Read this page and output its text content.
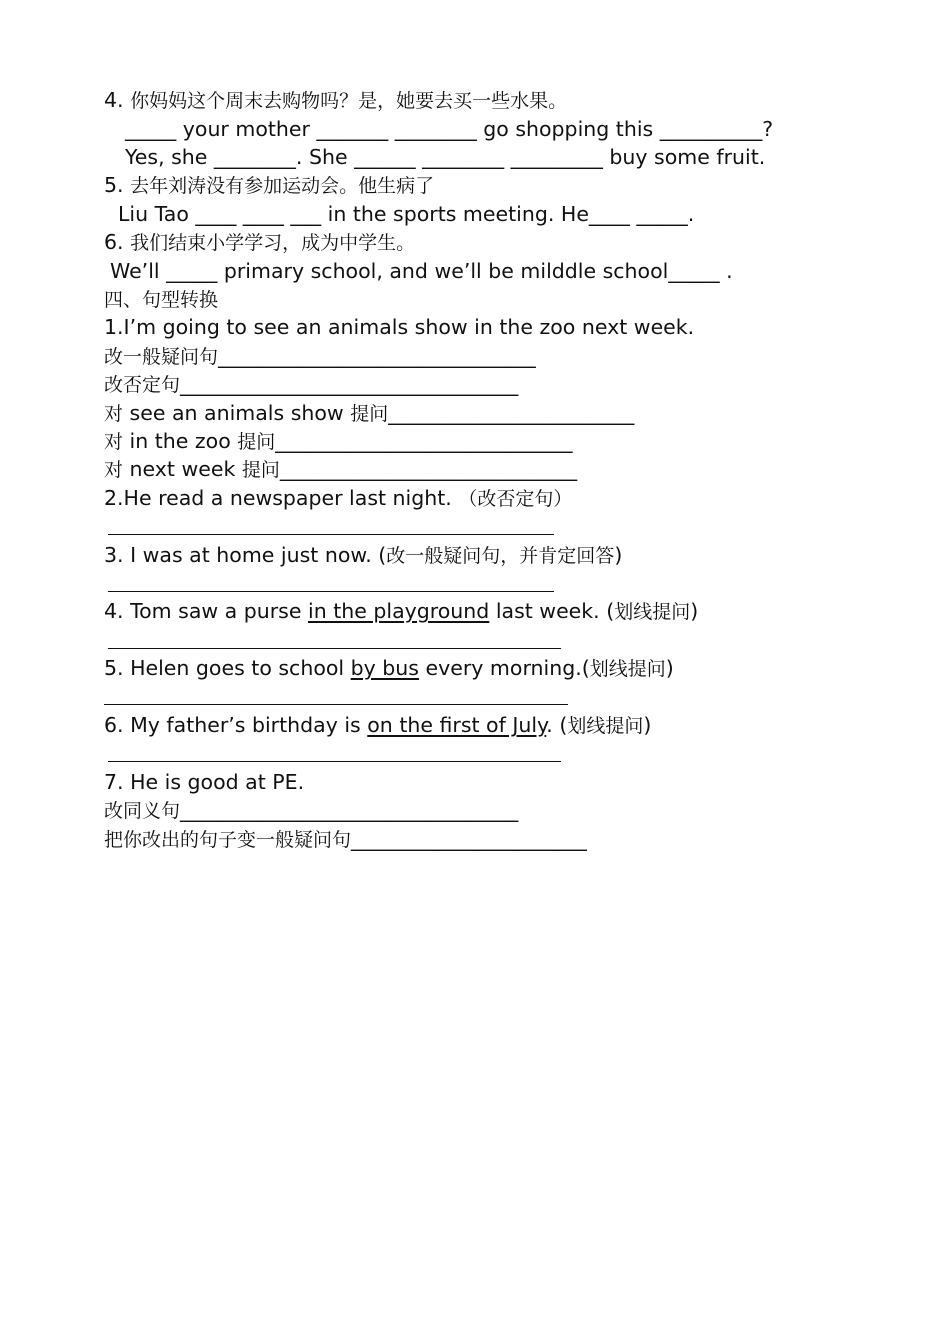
4. 你妈妈这个周末去购物吗？是，她要去买一些水果。
_____ your mother _______ ________ go shopping this __________?
Yes, she ________. She ______ ________ _________ buy some fruit.
5. 去年刘涛没有参加运动会。他生病了
Liu Tao ____ ____ ___ in the sports meeting. He____ _____.
6. 我们结束小学学习，成为中学生。
We’ll _____ primary school, and we’ll be milddle school_____ .
四、句型转换
1.I’m going to see an animals show in the zoo next week.
改一般疑问句_______________________________
改否定句_________________________________
对 see an animals show 提问________________________
对 in the zoo 提问_____________________________
对 next week 提问_____________________________
2.He read a newspaper last night. （改否定句）
3. I was at home just now. (改一般疑问句，并肯定回答)
4. Tom saw a purse in the playground last week. (划线提问)
5. Helen goes to school by bus every morning.(划线提问)
6. My father’s birthday is on the first of July. (划线提问)
7. He is good at PE.
改同义句_________________________________
把你改出的句子变一般疑问句_______________________
